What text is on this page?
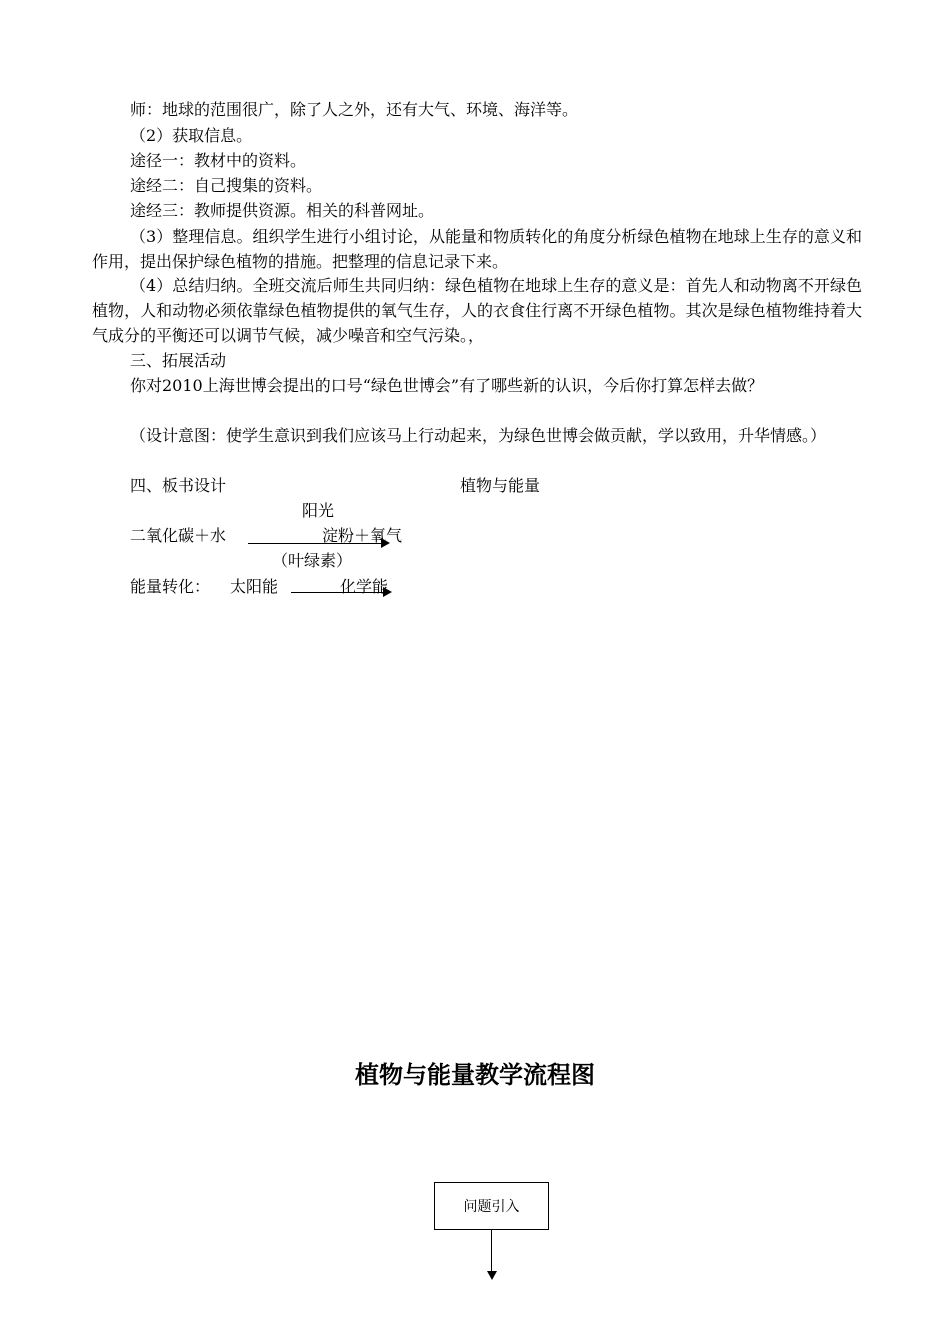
师：地球的范围很广，除了人之外，还有大气、环境、海洋等。

（2）获取信息。

途径一：教材中的资料。

途经二：自己搜集的资料。

途经三：教师提供资源。相关的科普网址。

（3）整理信息。组织学生进行小组讨论，从能量和物质转化的角度分析绿色植物在地球上生存的意义和作用，提出保护绿色植物的措施。把整理的信息记录下来。

（4）总结归纳。全班交流后师生共同归纳：绿色植物在地球上生存的意义是：首先人和动物离不开绿色植物，人和动物必须依靠绿色植物提供的氧气生存，人的衣食住行离不开绿色植物。其次是绿色植物维持着大气成分的平衡还可以调节气候，减少噪音和空气污染。，

三、拓展活动

你对2010上海世博会提出的口号“绿色世博会”有了哪些新的认识，今后你打算怎样去做？

（设计意图：使学生意识到我们应该马上行动起来，为绿色世博会做贡献，学以致用，升华情感。）

四、板书设计	植物与能量
阳光
二氧化碳＋水	淀粉＋氧气
（叶绿素）
能量转化： 太阳能	化学能
植物与能量教学流程图
问题引入
